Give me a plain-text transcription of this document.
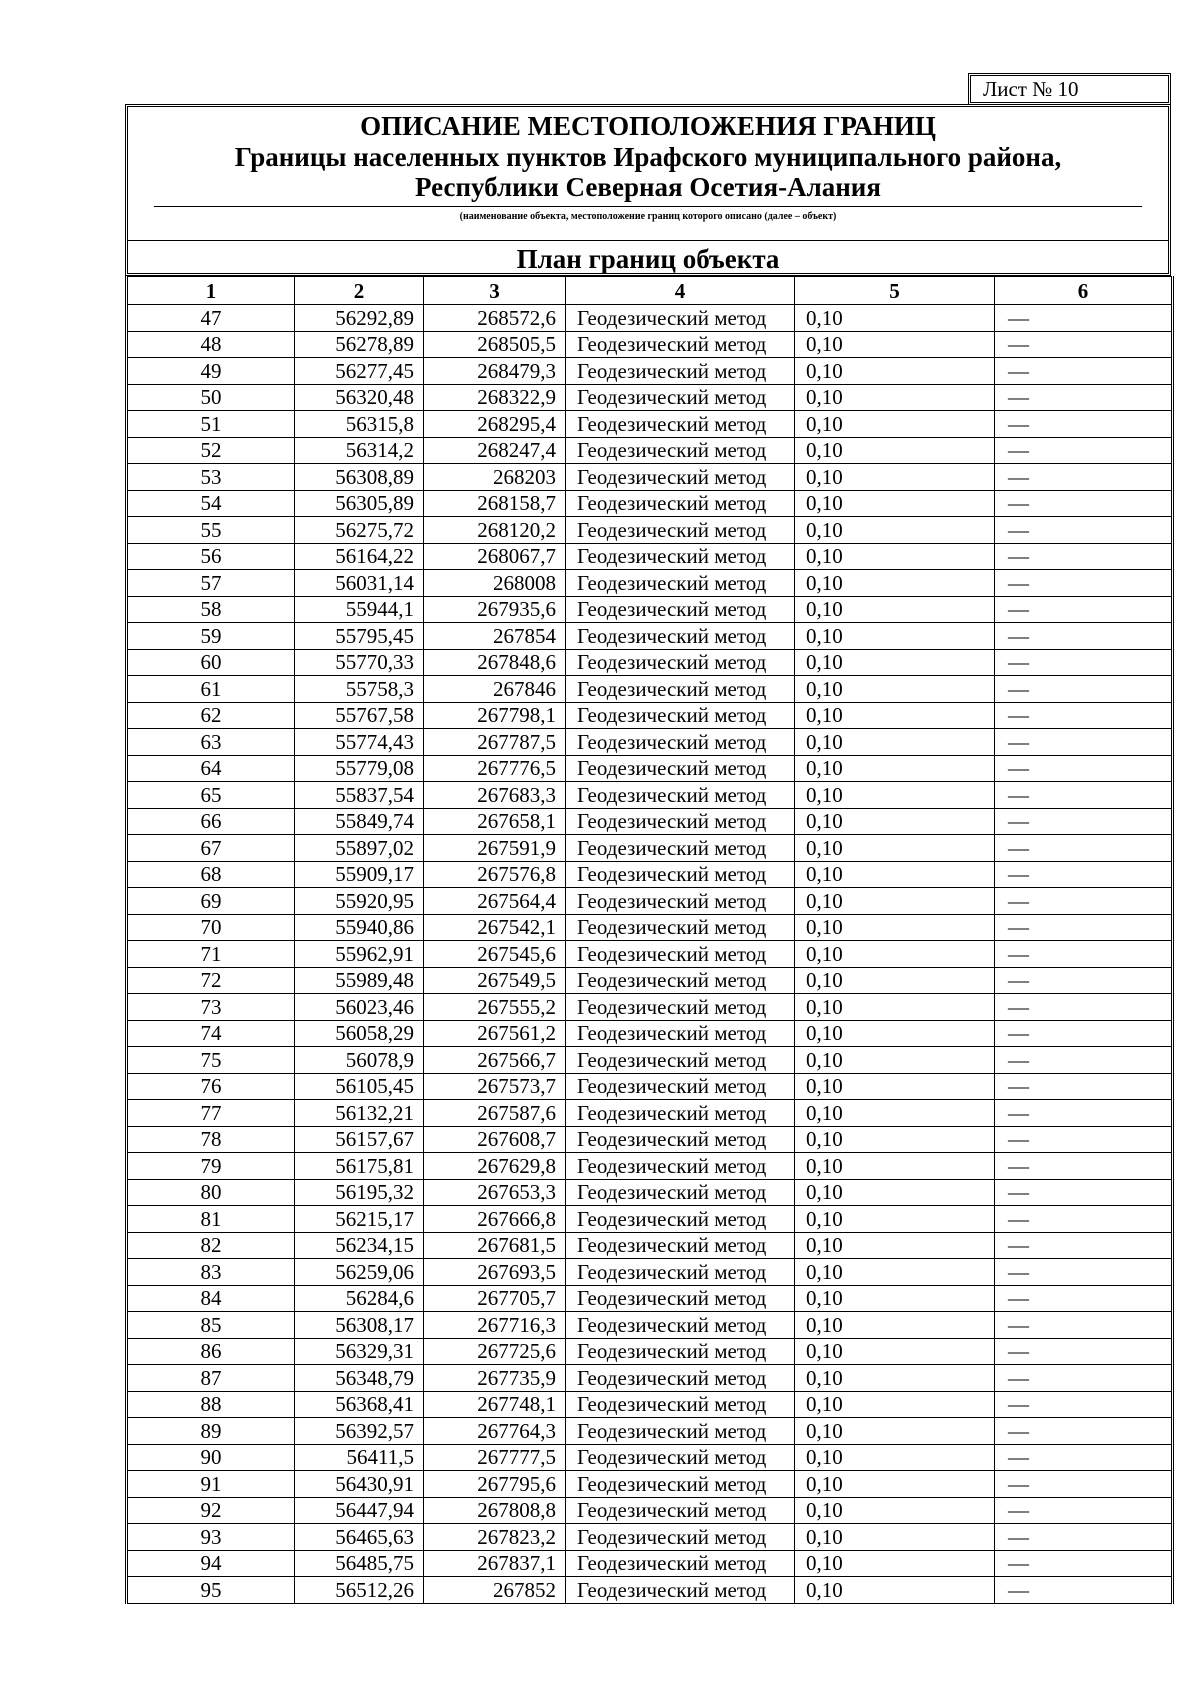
Лист № 10
ОПИСАНИЕ МЕСТОПОЛОЖЕНИЯ ГРАНИЦ
Границы населенных пунктов Ирафского муниципального района,
Республики Северная Осетия-Алания
(наименование объекта, местоположение границ которого описано (далее – объект)
План границ объекта
1	2	3	4	5	6
47	56292,89	268572,6	Геодезический метод	0,10	—
48	56278,89	268505,5	Геодезический метод	0,10	—
49	56277,45	268479,3	Геодезический метод	0,10	—
50	56320,48	268322,9	Геодезический метод	0,10	—
51	56315,8	268295,4	Геодезический метод	0,10	—
52	56314,2	268247,4	Геодезический метод	0,10	—
53	56308,89	268203	Геодезический метод	0,10	—
54	56305,89	268158,7	Геодезический метод	0,10	—
55	56275,72	268120,2	Геодезический метод	0,10	—
56	56164,22	268067,7	Геодезический метод	0,10	—
57	56031,14	268008	Геодезический метод	0,10	—
58	55944,1	267935,6	Геодезический метод	0,10	—
59	55795,45	267854	Геодезический метод	0,10	—
60	55770,33	267848,6	Геодезический метод	0,10	—
61	55758,3	267846	Геодезический метод	0,10	—
62	55767,58	267798,1	Геодезический метод	0,10	—
63	55774,43	267787,5	Геодезический метод	0,10	—
64	55779,08	267776,5	Геодезический метод	0,10	—
65	55837,54	267683,3	Геодезический метод	0,10	—
66	55849,74	267658,1	Геодезический метод	0,10	—
67	55897,02	267591,9	Геодезический метод	0,10	—
68	55909,17	267576,8	Геодезический метод	0,10	—
69	55920,95	267564,4	Геодезический метод	0,10	—
70	55940,86	267542,1	Геодезический метод	0,10	—
71	55962,91	267545,6	Геодезический метод	0,10	—
72	55989,48	267549,5	Геодезический метод	0,10	—
73	56023,46	267555,2	Геодезический метод	0,10	—
74	56058,29	267561,2	Геодезический метод	0,10	—
75	56078,9	267566,7	Геодезический метод	0,10	—
76	56105,45	267573,7	Геодезический метод	0,10	—
77	56132,21	267587,6	Геодезический метод	0,10	—
78	56157,67	267608,7	Геодезический метод	0,10	—
79	56175,81	267629,8	Геодезический метод	0,10	—
80	56195,32	267653,3	Геодезический метод	0,10	—
81	56215,17	267666,8	Геодезический метод	0,10	—
82	56234,15	267681,5	Геодезический метод	0,10	—
83	56259,06	267693,5	Геодезический метод	0,10	—
84	56284,6	267705,7	Геодезический метод	0,10	—
85	56308,17	267716,3	Геодезический метод	0,10	—
86	56329,31	267725,6	Геодезический метод	0,10	—
87	56348,79	267735,9	Геодезический метод	0,10	—
88	56368,41	267748,1	Геодезический метод	0,10	—
89	56392,57	267764,3	Геодезический метод	0,10	—
90	56411,5	267777,5	Геодезический метод	0,10	—
91	56430,91	267795,6	Геодезический метод	0,10	—
92	56447,94	267808,8	Геодезический метод	0,10	—
93	56465,63	267823,2	Геодезический метод	0,10	—
94	56485,75	267837,1	Геодезический метод	0,10	—
95	56512,26	267852	Геодезический метод	0,10	—
